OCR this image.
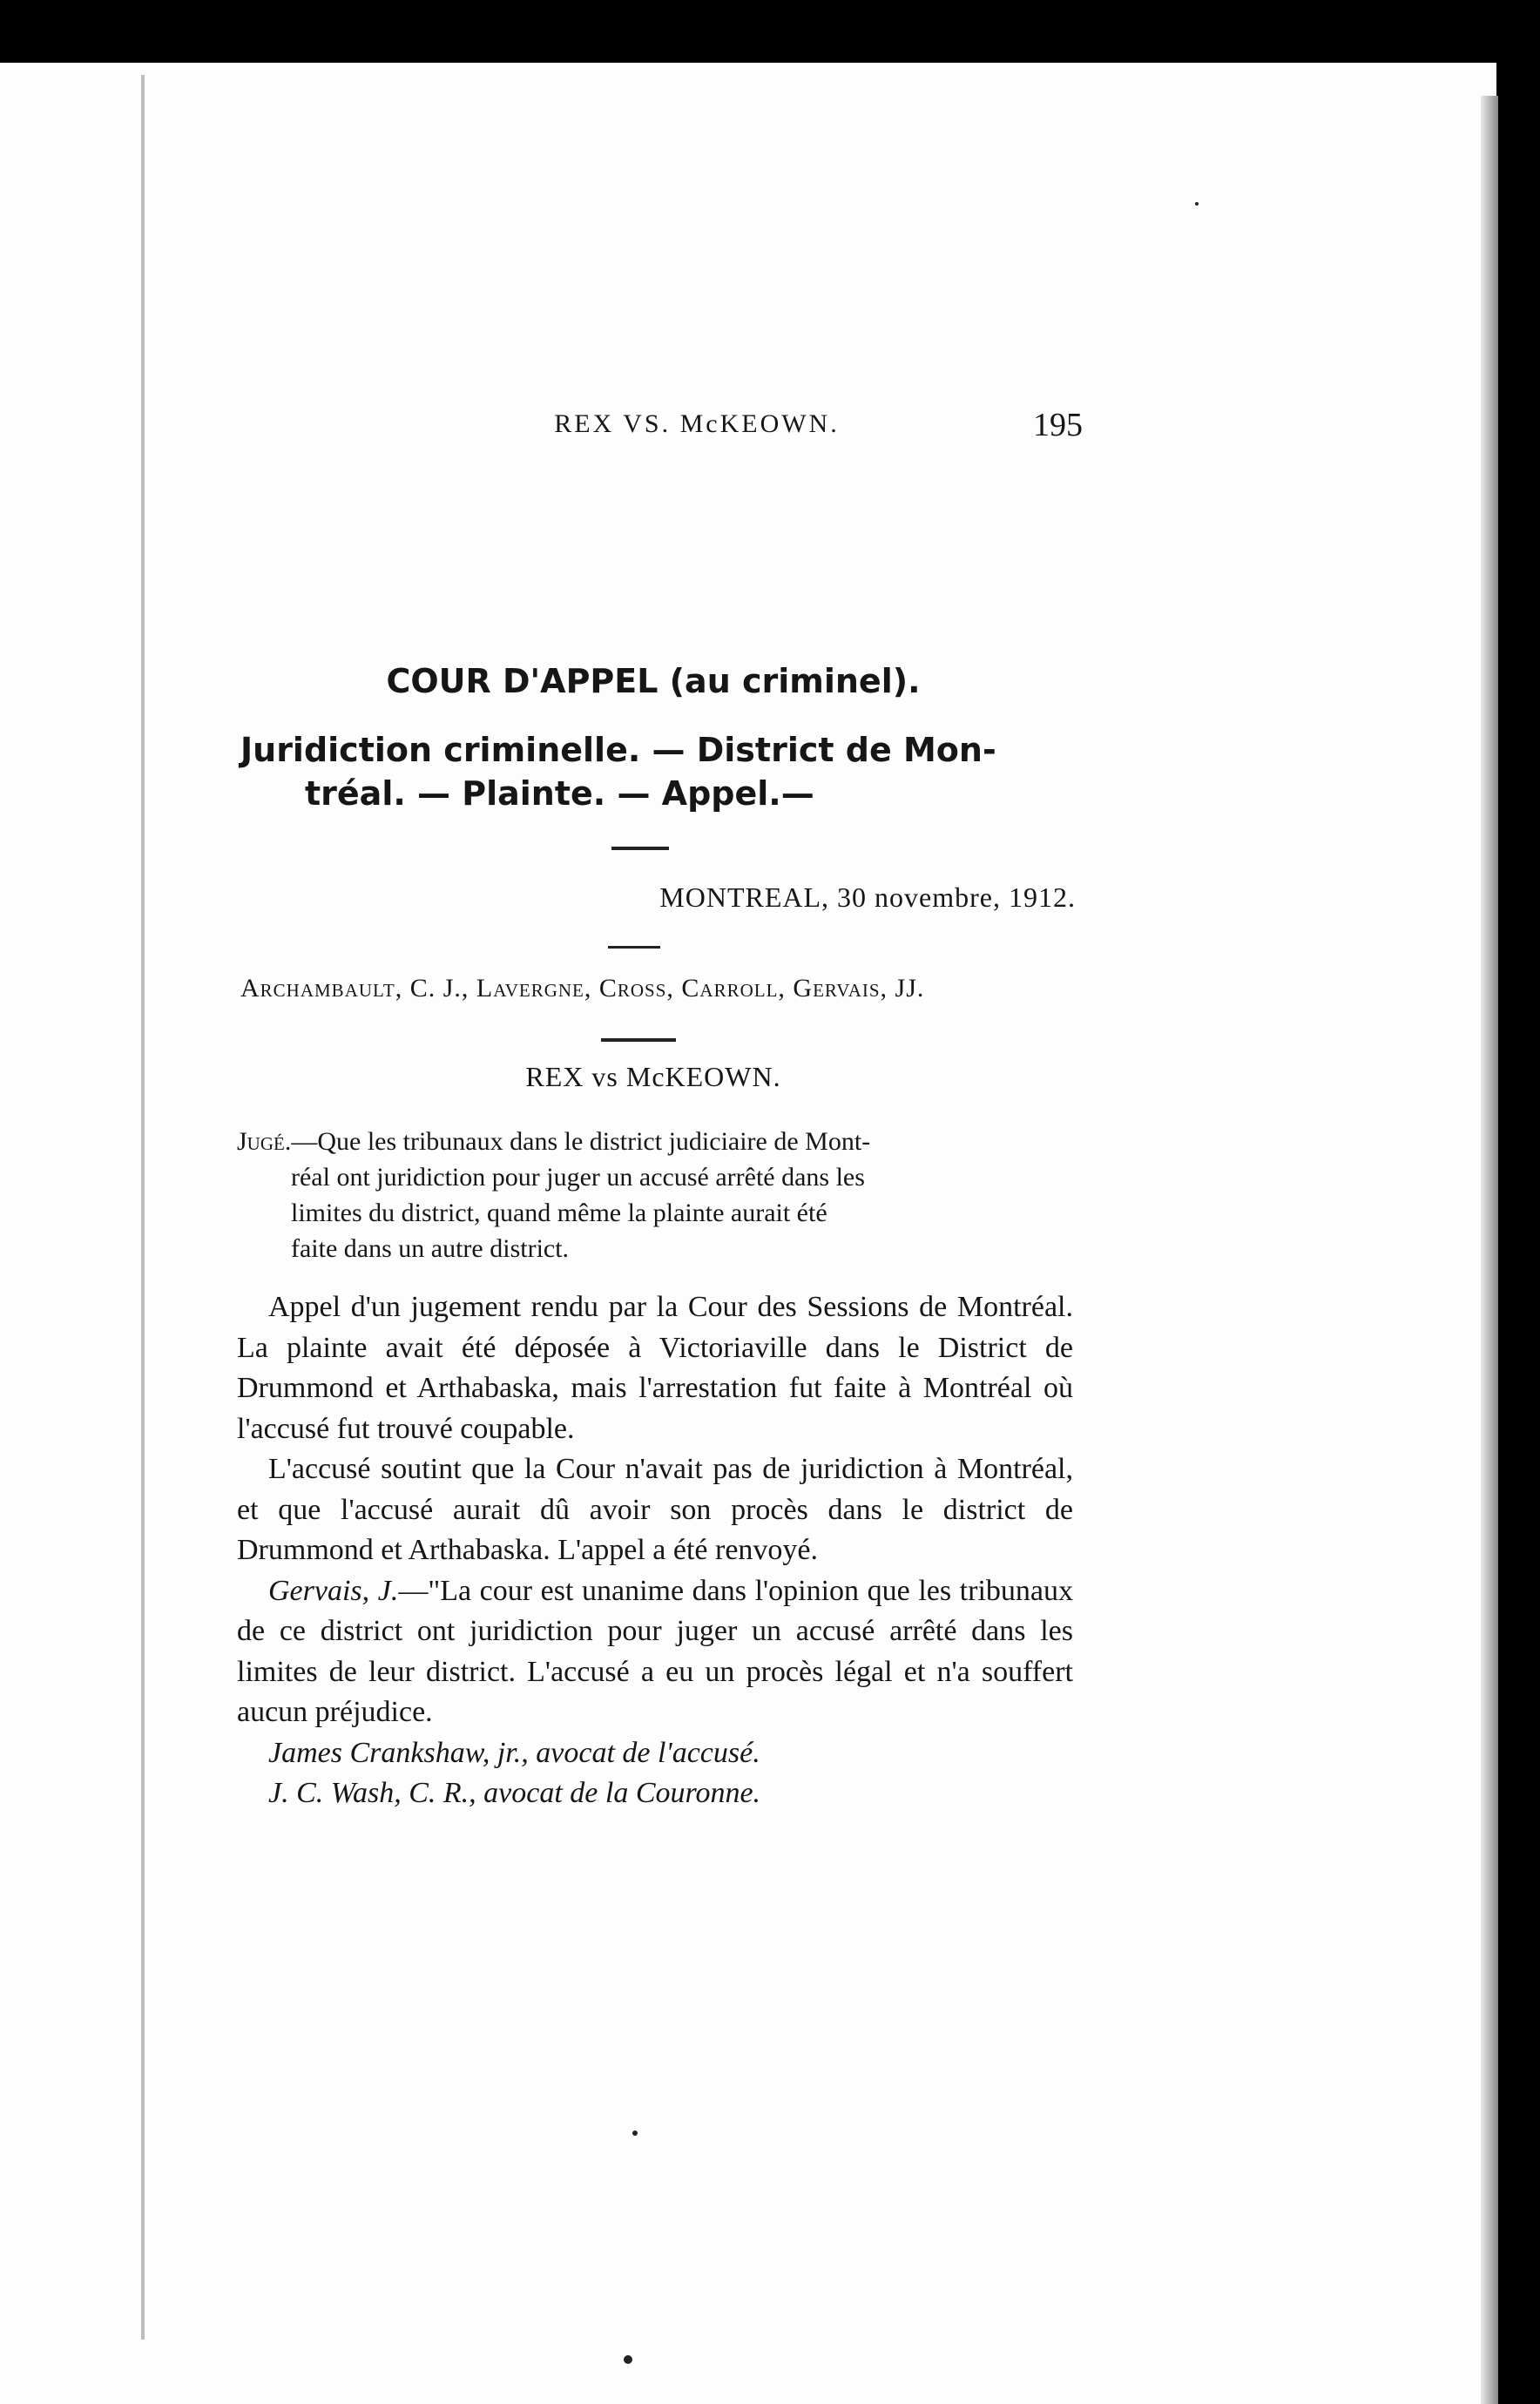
REX VS. McKEOWN.	195
COUR D'APPEL (au criminel).
Juridiction criminelle. — District de Mon-
tréal. — Plainte. — Appel.—
MONTREAL, 30 novembre, 1912.
Archambault, C. J., Lavergne, Cross, Carroll, Gervais, JJ.
REX vs McKEOWN.

Jugé.—Que les tribunaux dans le district judiciaire de Mont-

réal ont juridiction pour juger un accusé arrêté dans les

limites du district, quand même la plainte aurait été

faite dans un autre district.

Appel d'un jugement rendu par la Cour des Sessions de Montréal. La plainte avait été déposée à Victoriaville dans le District de Drummond et Arthabaska, mais l'arrestation fut faite à Montréal où l'accusé fut trouvé coupable.

L'accusé soutint que la Cour n'avait pas de juridiction à Montréal, et que l'accusé aurait dû avoir son procès dans le district de Drummond et Arthabaska. L'appel a été renvoyé.

Gervais, J.—"La cour est unanime dans l'opinion que les tribunaux de ce district ont juridiction pour juger un accusé arrêté dans les limites de leur district. L'accusé a eu un procès légal et n'a souffert aucun préjudice.

James Crankshaw, jr., avocat de l'accusé.

J. C. Wash, C. R., avocat de la Couronne.
